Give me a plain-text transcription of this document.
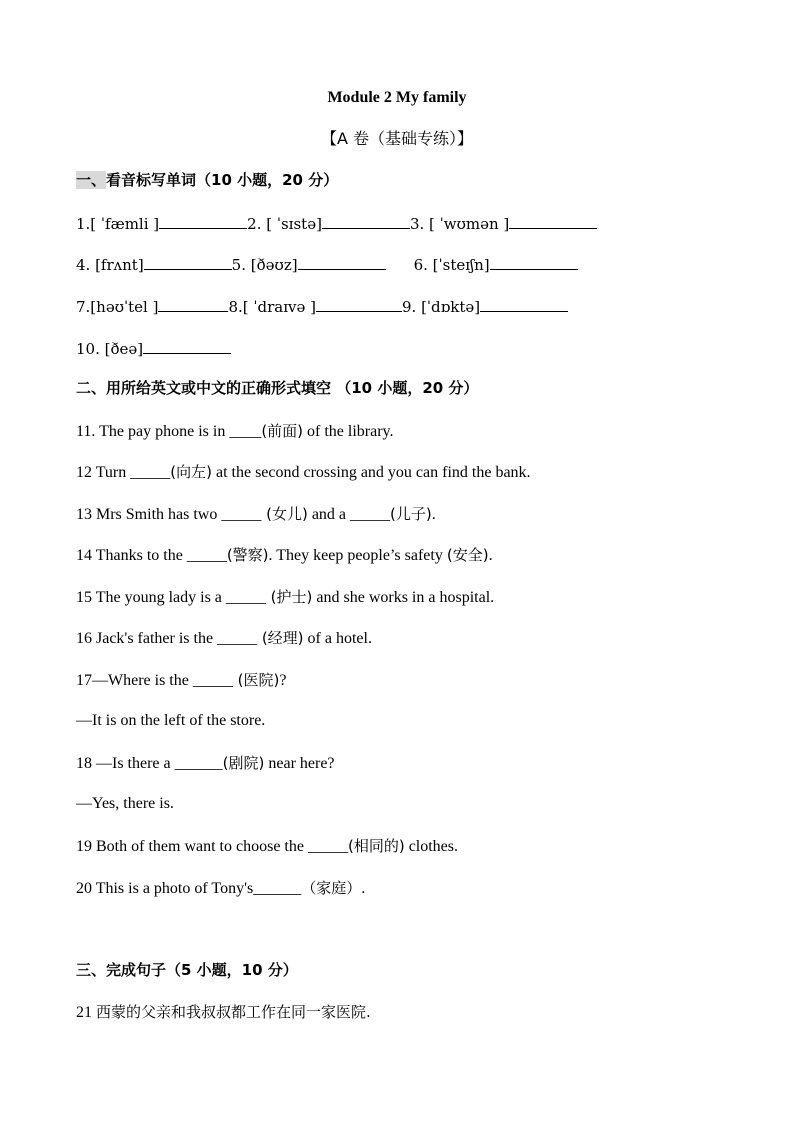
Module 2 My family
【A 卷（基础专练）】
一、看音标写单词（10 小题，20 分）
1.[ ˈfæmli ]	2. [ ˈsɪstə]	3. [ ˈwʊmən ]
4. [frʌnt]	5. [ðəʊz]	6. [ˈsteɪʃn]
7.[həʊˈtel ]	8.[ ˈdraɪvə ]	9. [ˈdɒktə]
10. [ðeə]
二、用所给英文或中文的正确形式填空 （10 小题，20 分）
11. The pay phone is in ____(前面) of the library.
12 Turn _____(向左) at the second crossing and you can find the bank.
13 Mrs Smith has two _____ (女儿) and a _____(儿子).
14 Thanks to the _____(警察). They keep people’s safety (安全).
15 The young lady is a _____ (护士) and she works in a hospital.
16 Jack's father is the _____ (经理) of a hotel.
17—Where is the _____ (医院)?
—It is on the left of the store.
18 —Is there a ______(剧院) near here?
—Yes, there is.
19 Both of them want to choose the _____(相同的) clothes.
20 This is a photo of Tony's______（家庭）.
三、完成句子（5 小题，10 分）
21 西蒙的父亲和我叔叔都工作在同一家医院.
